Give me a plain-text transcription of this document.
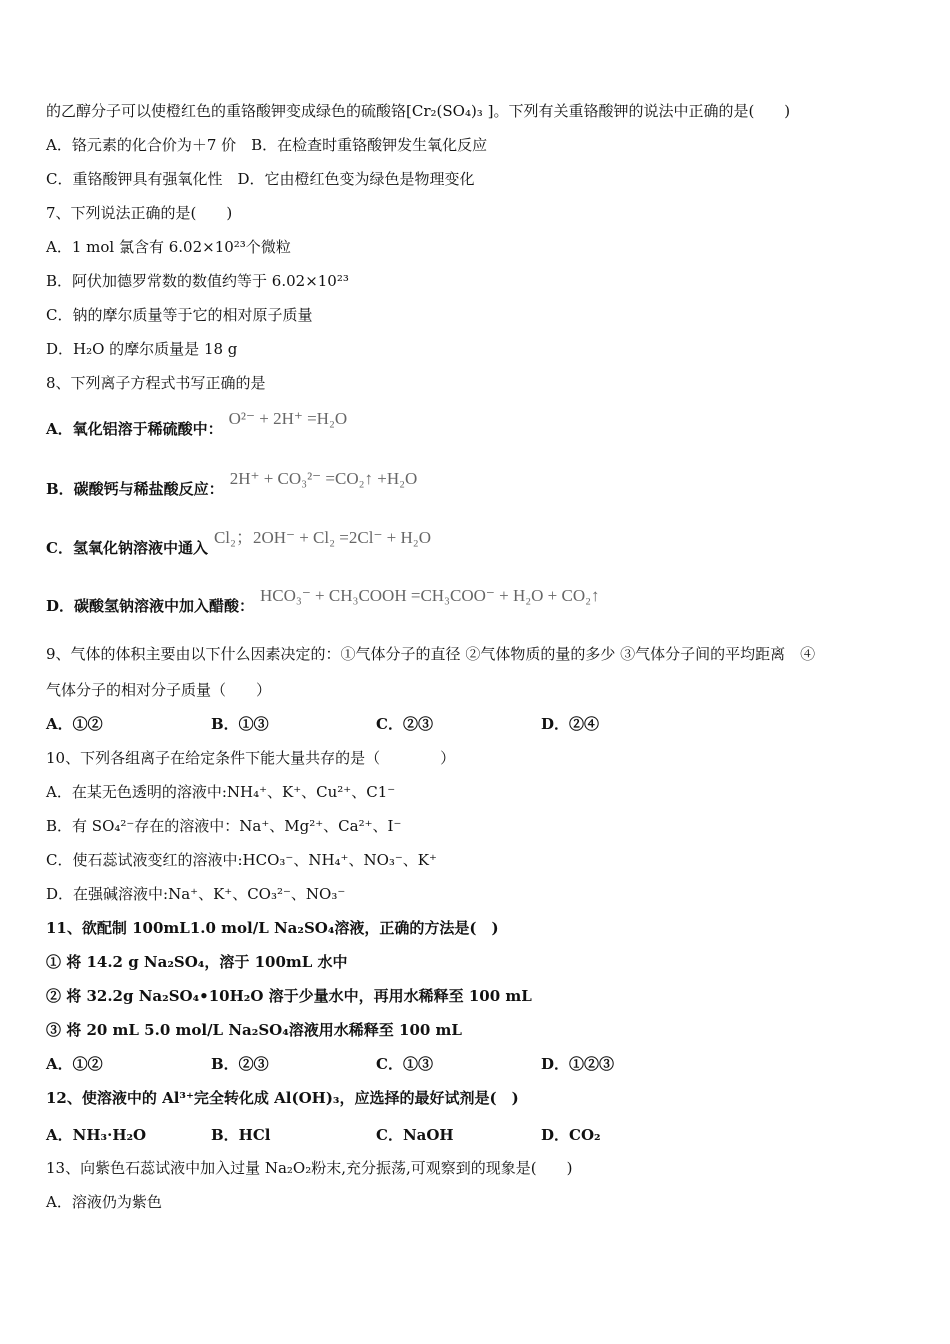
的乙醇分子可以使橙红色的重铬酸钾变成绿色的硫酸铬[Cr₂(SO₄)₃ ]。下列有关重铬酸钾的说法中正确的是(　　)
A．铬元素的化合价为＋7 价　B．在检查时重铬酸钾发生氧化反应
C．重铬酸钾具有强氧化性　D．它由橙红色变为绿色是物理变化
7、下列说法正确的是(　　)
A．1 mol 氯含有 6.02×10²³个微粒
B．阿伏加德罗常数的数值约等于 6.02×10²³
C．钠的摩尔质量等于它的相对原子质量
D．H₂O 的摩尔质量是 18 g
8、下列离子方程式书写正确的是
A．氧化铝溶于稀硫酸中：O²⁻ + 2H⁺ =H₂O
B．碳酸钙与稀盐酸反应：2H⁺ + CO₃²⁻ =CO₂↑ +H₂O
C．氢氧化钠溶液中通入Cl₂；2OH⁻ + Cl₂ =2Cl⁻ + H₂O
D．碳酸氢钠溶液中加入醋酸：HCO₃⁻ + CH₃COOH =CH₃COO⁻ + H₂O + CO₂↑
9、气体的体积主要由以下什么因素决定的：①气体分子的直径 ②气体物质的量的多少 ③气体分子间的平均距离　④
气体分子的相对分子质量（　　）
A．①②	B．①③	C．②③	D．②④
10、下列各组离子在给定条件下能大量共存的是（　　　　）
A．在某无色透明的溶液中:NH₄⁺、K⁺、Cu²⁺、C1⁻
B．有 SO₄²⁻存在的溶液中：Na⁺、Mg²⁺、Ca²⁺、I⁻
C．使石蕊试液变红的溶液中:HCO₃⁻、NH₄⁺、NO₃⁻、K⁺
D．在强碱溶液中:Na⁺、K⁺、CO₃²⁻、NO₃⁻
11、欲配制 100mL1.0 mol/L Na₂SO₄溶液，正确的方法是(　)
① 将 14.2 g Na₂SO₄，溶于 100mL 水中
② 将 32.2g Na₂SO₄•10H₂O 溶于少量水中，再用水稀释至 100 mL
③ 将 20 mL 5.0 mol/L Na₂SO₄溶液用水稀释至 100 mL
A．①②	B．②③	C．①③	D．①②③
12、使溶液中的 Al³⁺完全转化成 Al(OH)₃，应选择的最好试剂是(　)
A．NH₃·H₂O	B．HCl	C．NaOH	D．CO₂
13、向紫色石蕊试液中加入过量 Na₂O₂粉末,充分振荡,可观察到的现象是(　　)
A．溶液仍为紫色
